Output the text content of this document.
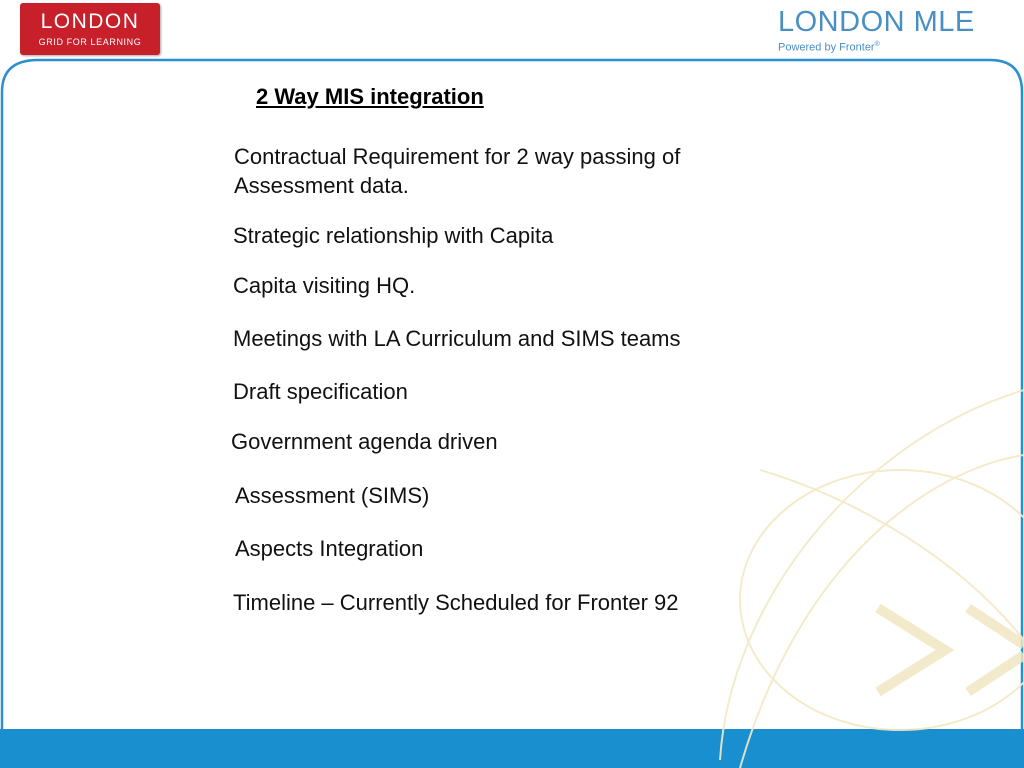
LONDON
GRID FOR LEARNING
LONDON MLE
Powered by Fronter®
2 Way MIS integration
Contractual Requirement for 2 way passing of
Assessment data.
Strategic relationship with Capita
Capita visiting HQ.
Meetings with LA Curriculum and SIMS teams
Draft specification
Government agenda driven
Assessment (SIMS)
Aspects Integration
Timeline – Currently Scheduled for Fronter 92
